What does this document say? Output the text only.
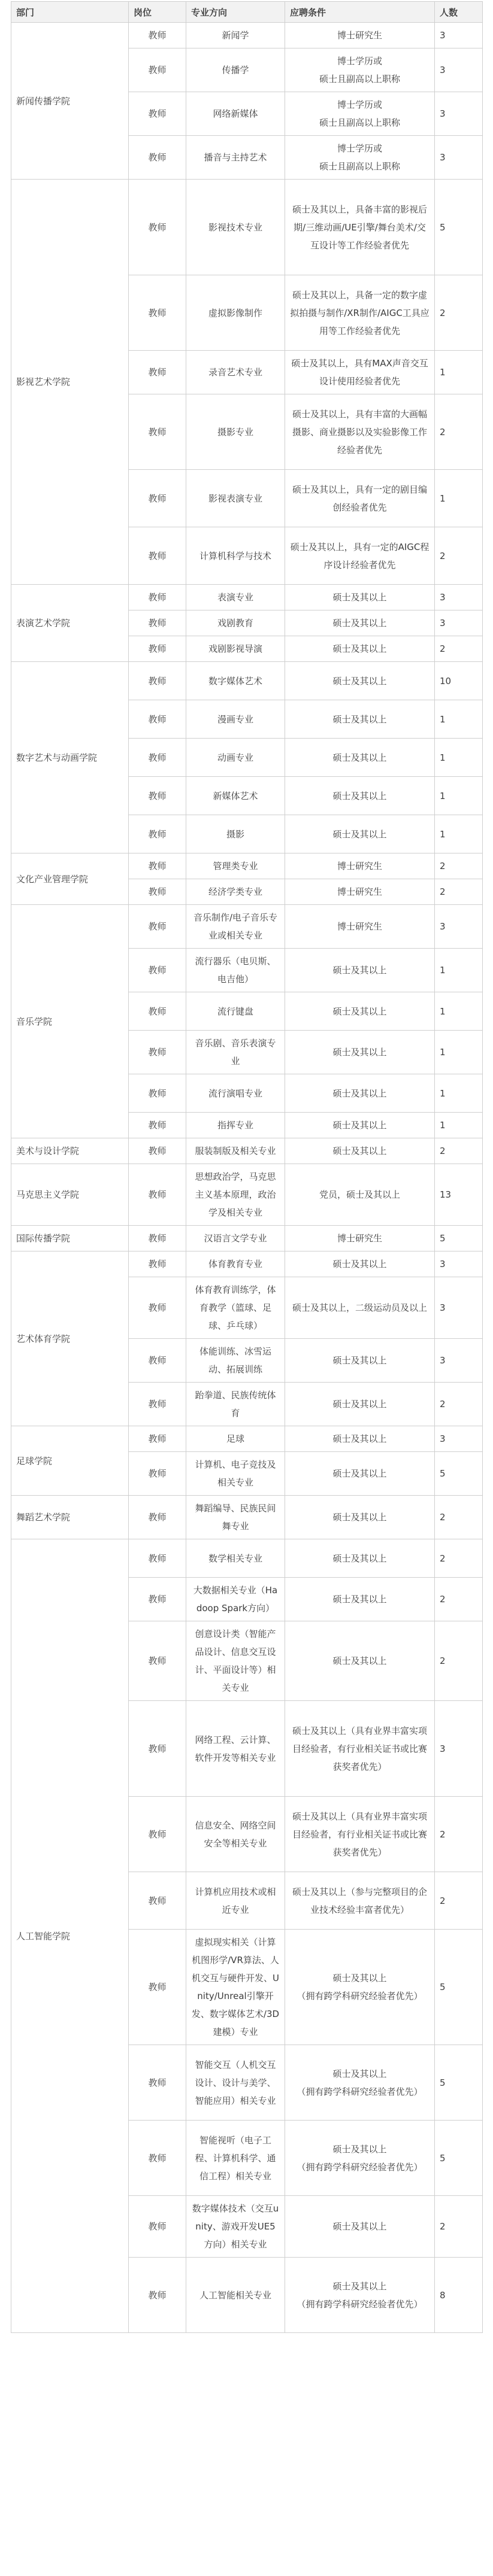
部门	岗位	专业方向	应聘条件	人数
新闻传播学院	教师	新闻学	博士研究生	3
	教师	传播学	博士学历或
硕士且副高以上职称	3
	教师	网络新媒体	博士学历或
硕士且副高以上职称	3
	教师	播音与主持艺术	博士学历或
硕士且副高以上职称	3
影视艺术学院	教师	影视技术专业	硕士及其以上，具备丰富的影视后期/三维动画/UE引擎/舞台美术/交互设计等工作经验者优先	5
	教师	虚拟影像制作	硕士及其以上，具备一定的数字虚拟拍摄与制作/XR制作/AIGC工具应用等工作经验者优先	2
	教师	录音艺术专业	硕士及其以上，具有MAX声音交互设计使用经验者优先	1
	教师	摄影专业	硕士及其以上，具有丰富的大画幅摄影、商业摄影以及实验影像工作经验者优先	2
	教师	影视表演专业	硕士及其以上，具有一定的剧目编创经验者优先	1
	教师	计算机科学与技术	硕士及其以上，具有一定的AIGC程序设计经验者优先	2
表演艺术学院	教师	表演专业	硕士及其以上	3
	教师	戏剧教育	硕士及其以上	3
	教师	戏剧影视导演	硕士及其以上	2
数字艺术与动画学院	教师	数字媒体艺术	硕士及其以上	10
	教师	漫画专业	硕士及其以上	1
	教师	动画专业	硕士及其以上	1
	教师	新媒体艺术	硕士及其以上	1
	教师	摄影	硕士及其以上	1
文化产业管理学院	教师	管理类专业	博士研究生	2
	教师	经济学类专业	博士研究生	2
音乐学院	教师	音乐制作/电子音乐专业或相关专业	博士研究生	3
	教师	流行器乐（电贝斯、电吉他）	硕士及其以上	1
	教师	流行键盘	硕士及其以上	1
	教师	音乐剧、音乐表演专业	硕士及其以上	1
	教师	流行演唱专业	硕士及其以上	1
	教师	指挥专业	硕士及其以上	1
美术与设计学院	教师	服装制版及相关专业	硕士及其以上	2
马克思主义学院	教师	思想政治学，马克思主义基本原理，政治学及相关专业	党员，硕士及其以上	13
国际传播学院	教师	汉语言文学专业	博士研究生	5
艺术体育学院	教师	体育教育专业	硕士及其以上	3
	教师	体育教育训练学，体育教学（篮球、足球、乒乓球）	硕士及其以上，二级运动员及以上	3
	教师	体能训练、冰雪运动、拓展训练	硕士及其以上	3
	教师	跆拳道、民族传统体育	硕士及其以上	2
足球学院	教师	足球	硕士及其以上	3
	教师	计算机、电子竞技及相关专业	硕士及其以上	5
舞蹈艺术学院	教师	舞蹈编导、民族民间舞专业	硕士及其以上	2
人工智能学院	教师	数学相关专业	硕士及其以上	2
	教师	大数据相关专业（Hadoop Spark方向）	硕士及其以上	2
	教师	创意设计类（智能产品设计、信息交互设计、平面设计等）相关专业	硕士及其以上	2
	教师	网络工程、云计算、软件开发等相关专业	硕士及其以上（具有业界丰富实项目经验者，有行业相关证书或比赛获奖者优先）	3
	教师	信息安全、网络空间安全等相关专业	硕士及其以上（具有业界丰富实项目经验者，有行业相关证书或比赛获奖者优先）	2
	教师	计算机应用技术或相近专业	硕士及其以上（参与完整项目的企业技术经验丰富者优先）	2
	教师	虚拟现实相关（计算机图形学/VR算法、人机交互与硬件开发、Unity/Unreal引擎开发、数字媒体艺术/3D建模）专业	硕士及其以上
（拥有跨学科研究经验者优先）	5
	教师	智能交互（人机交互设计、设计与美学、智能应用）相关专业	硕士及其以上
（拥有跨学科研究经验者优先）	5
	教师	智能视听（电子工程、计算机科学、通信工程）相关专业	硕士及其以上
（拥有跨学科研究经验者优先）	5
	教师	数字媒体技术（交互unity、游戏开发UE5方向）相关专业	硕士及其以上	2
	教师	人工智能相关专业	硕士及其以上
（拥有跨学科研究经验者优先）	8
